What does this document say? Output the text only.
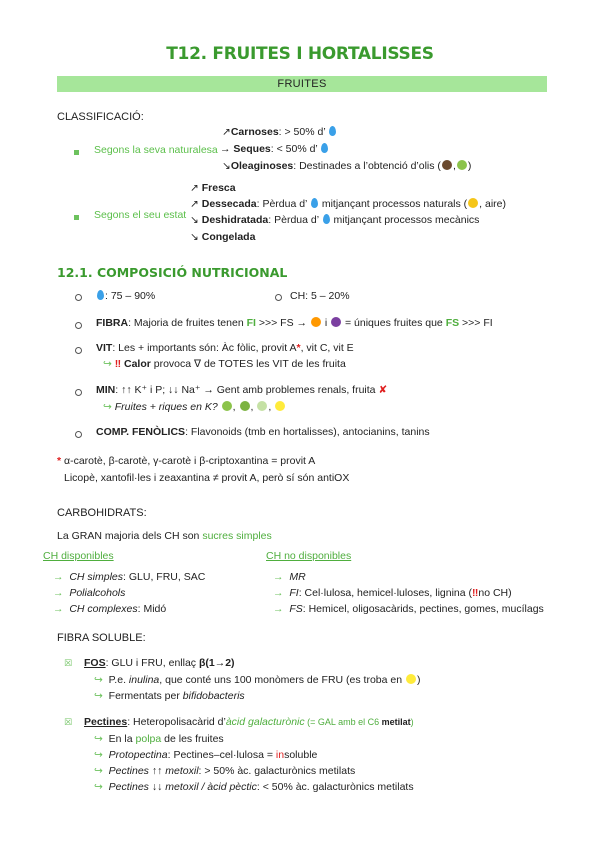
T12. FRUITES I HORTALISSES
FRUITES
CLASSIFICACIÓ:
Segons la seva naturalesa
↗Carnoses: > 50% d’
→ Seques: < 50% d’
↘Oleaginoses: Destinades a l’obtenció d’olis ( , )
Segons el seu estat
↗ Fresca
↗ Dessecada: Pèrdua d’  mitjançant processos naturals ( , aire)
↘ Deshidratada: Pèrdua d’  mitjançant processos mecànics
↘ Congelada
12.1. COMPOSICIÓ NUTRICIONAL
: 75 – 90%	CH: 5 – 20%
FIBRA: Majoria de fruites tenen FI >>> FS →  i  = úniques fruites que FS >>> FI
VIT: Les + importants són: Àc fòlic, provit A*, vit C, vit E
↪ ‼ Calor provoca ∇ de TOTES les VIT de les fruita
MIN: ↑↑ K⁺ i P; ↓↓ Na⁺ → Gent amb problemes renals, fruita ✘
↪ Fruites + riques en K? , , ,
COMP. FENÒLICS: Flavonoids (tmb en hortalisses), antocianins, tanins
* α-carotè, β-carotè, γ-carotè i β-criptoxantina = provit A
Licopè, xantofil·les i zeaxantina ≠ provit A, però sí són antiOX
CARBOHIDRATS:
La GRAN majoria dels CH son sucres simples
CH disponibles
→ CH simples: GLU, FRU, SAC
→ Polialcohols
→ CH complexes: Midó
CH no disponibles
→ MR
→ FI: Cel·lulosa, hemicel·luloses, lignina (‼no CH)
→ FS: Hemicel, oligosacàrids, pectines, gomes, mucílags
FIBRA SOLUBLE:
☒ FOS: GLU i FRU, enllaç β(1→2)
↪ P.e. inulina, que conté uns 100 monòmers de FRU (es troba en )
↪ Fermentats per bifidobacteris
☒ Pectines: Heteropolisacàrid d’àcid galacturònic (= GAL amb el C6 metilat)
↪ En la polpa de les fruites
↪ Protopectina: Pectines–cel·lulosa = insoluble
↪ Pectines ↑↑ metoxil: > 50% àc. galacturònics metilats
↪ Pectines ↓↓ metoxil / àcid pèctic: < 50% àc. galacturònics metilats
